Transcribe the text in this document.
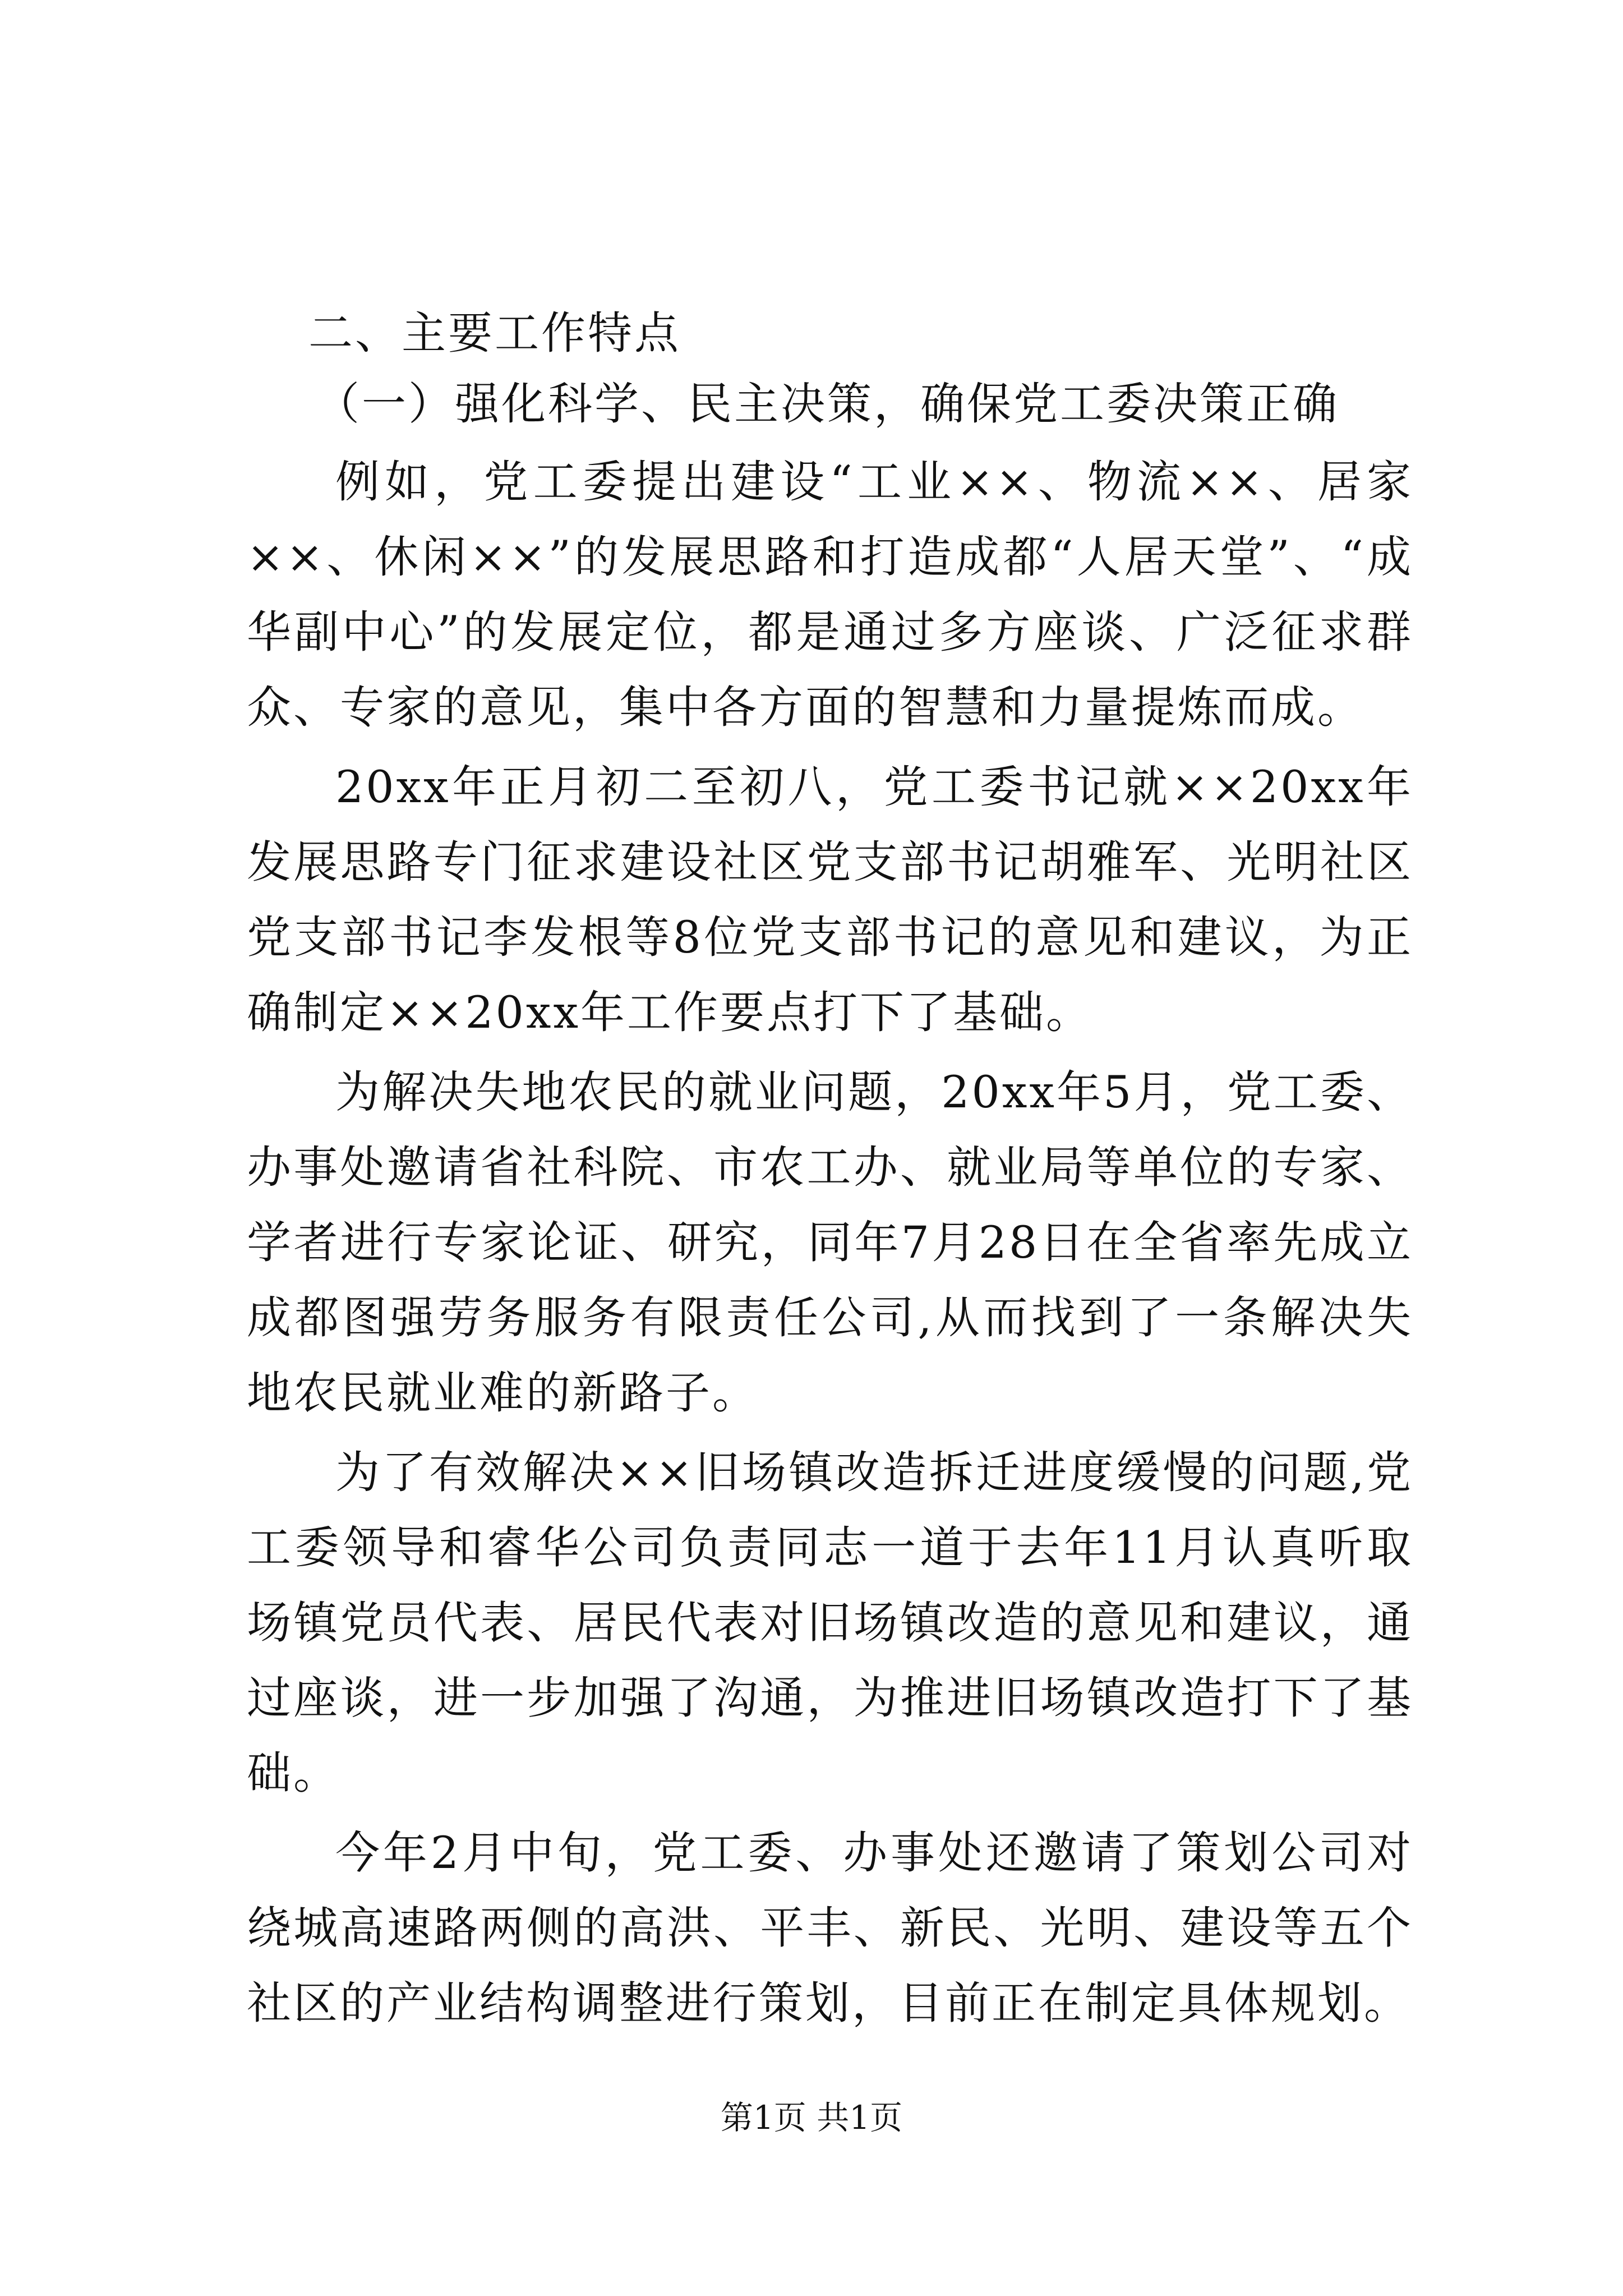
二、主要工作特点

（一）强化科学、民主决策，确保党工委决策正确

例如，党工委提出建设“工业××、物流××、居家××、休闲××”的发展思路和打造成都“人居天堂”、“成华副中心”的发展定位，都是通过多方座谈、广泛征求群众、专家的意见，集中各方面的智慧和力量提炼而成。

20xx年正月初二至初八，党工委书记就××20xx年发展思路专门征求建设社区党支部书记胡雅军、光明社区党支部书记李发根等8位党支部书记的意见和建议，为正确制定××20xx年工作要点打下了基础。

为解决失地农民的就业问题，20xx年5月，党工委、办事处邀请省社科院、市农工办、就业局等单位的专家、学者进行专家论证、研究，同年7月28日在全省率先成立成都图强劳务服务有限责任公司,从而找到了一条解决失地农民就业难的新路子。

为了有效解决××旧场镇改造拆迁进度缓慢的问题,党工委领导和睿华公司负责同志一道于去年11月认真听取场镇党员代表、居民代表对旧场镇改造的意见和建议，通过座谈，进一步加强了沟通，为推进旧场镇改造打下了基础。

今年2月中旬，党工委、办事处还邀请了策划公司对绕城高速路两侧的高洪、平丰、新民、光明、建设等五个社区的产业结构调整进行策划，目前正在制定具体规划。

第1页 共1页
